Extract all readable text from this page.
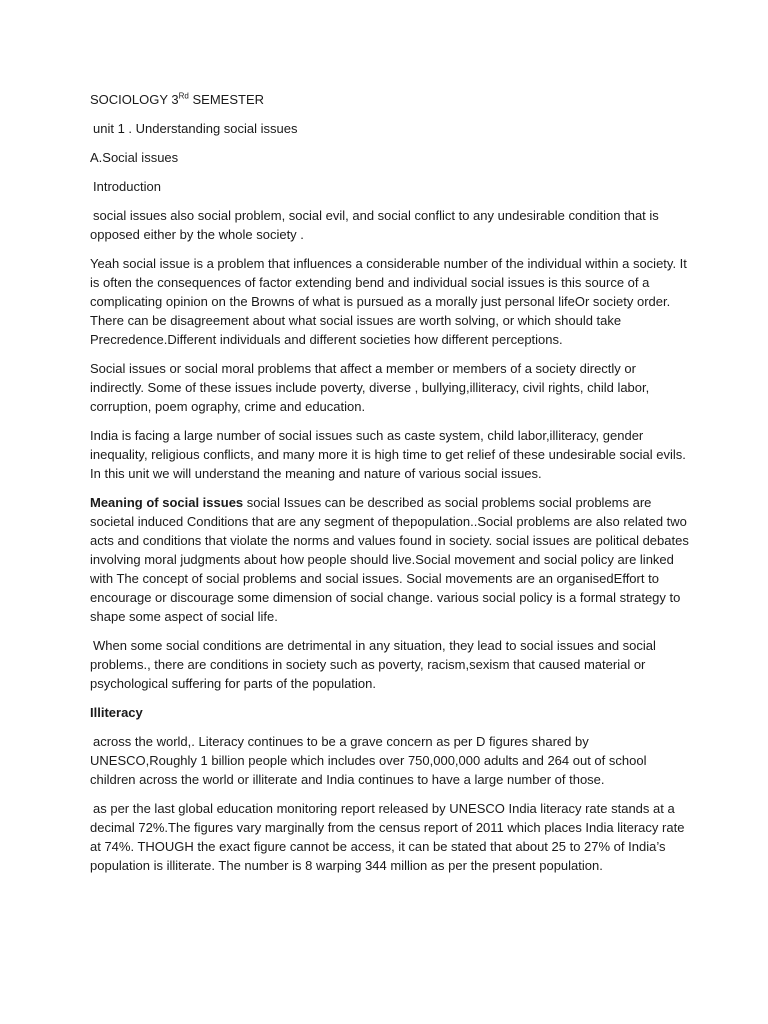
SOCIOLOGY 3Rd SEMESTER

unit 1 . Understanding social issues

A.Social issues

Introduction

social issues also social problem, social evil, and social conflict to any undesirable condition that is opposed either by the whole society .

Yeah social issue is a problem that influences a considerable number of the individual within a society. It is often the consequences of factor extending bend and individual social issues is this source of a complicating opinion on the Browns of what is pursued as a morally just personal lifeOr society order. There can be disagreement about what social issues are worth solving, or which should take Precredence.Different individuals and different societies how different perceptions.

Social issues or social moral problems that affect a member or members of a society directly or indirectly. Some of these issues include poverty, diverse , bullying,illiteracy, civil rights, child labor, corruption, poem ography, crime and education.

India is facing a large number of social issues such as caste system, child labor,illiteracy, gender inequality, religious conflicts, and many more it is high time to get relief of these undesirable social evils. In this unit we will understand the meaning and nature of various social issues.

Meaning of social issues social Issues can be described as social problems social problems are societal induced Conditions that are any segment of thepopulation..Social problems are also related two acts and conditions that violate the norms and values found in society. social issues are political debates involving moral judgments about how people should live.Social movement and social policy are linked with The concept of social problems and social issues. Social movements are an organisedEffort to encourage or discourage some dimension of social change. various social policy is a formal strategy to shape some aspect of social life.

When some social conditions are detrimental in any situation, they lead to social issues and social problems., there are conditions in society such as poverty, racism,sexism that caused material or psychological suffering for parts of the population.

Illiteracy

across the world,. Literacy continues to be a grave concern as per D figures shared by UNESCO,Roughly 1 billion people which includes over 750,000,000 adults and 264 out of school children across the world or illiterate and India continues to have a large number of those.

as per the last global education monitoring report released by UNESCO India literacy rate stands at a decimal 72%.The figures vary marginally from the census report of 2011 which places India literacy rate at 74%. THOUGH the exact figure cannot be access, it can be stated that about 25 to 27% of India’s population is illiterate. The number is 8 warping 344 million as per the present population.
